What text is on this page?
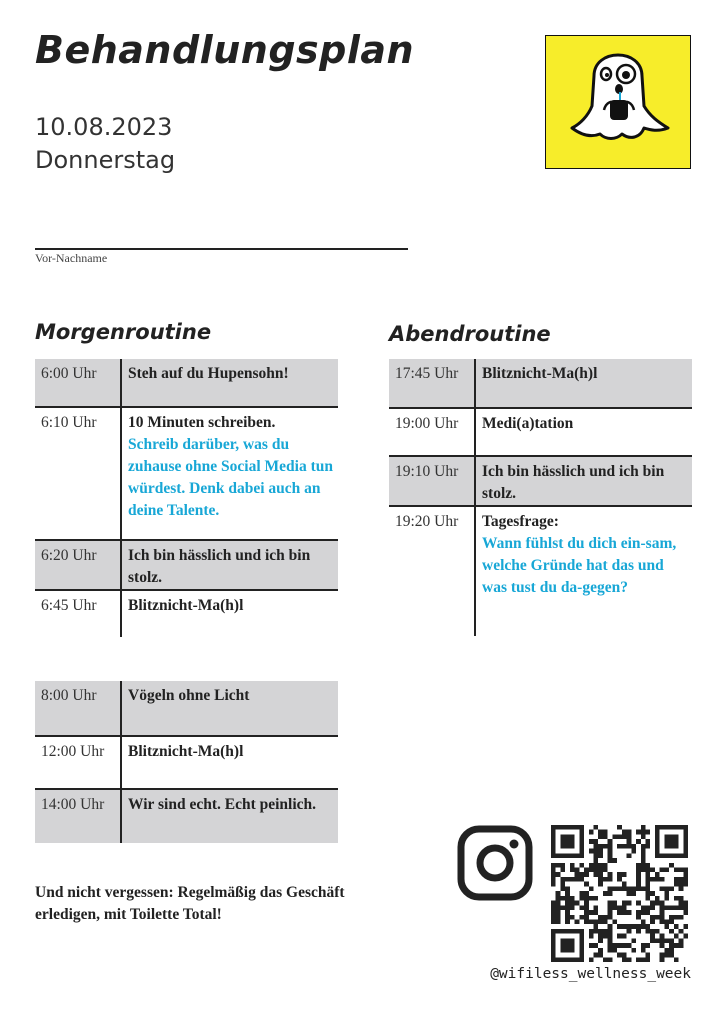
Behandlungsplan
10.08.2023
Donnerstag
Vor-Nachname
Morgenroutine
6:00 Uhr	Steh auf du Hupensohn!
6:10 Uhr	10 Minuten schreiben.
Schreib darüber, was du zuhause ohne Social Media tun würdest. Denk dabei auch an deine Talente.

6:20 Uhr	Ich bin hässlich und ich bin stolz.
6:45 Uhr	Blitznicht-Ma(h)l
8:00 Uhr	Vögeln ohne Licht
12:00 Uhr	Blitznicht-Ma(h)l
14:00 Uhr	Wir sind echt. Echt peinlich.
Abendroutine
17:45 Uhr	Blitznicht-Ma(h)l
19:00 Uhr	Medi(a)tation
19:10 Uhr	Ich bin hässlich und ich bin stolz.
19:20 Uhr	Tagesfrage:
Wann fühlst du dich ein-sam, welche Gründe hat das und was tust du da-gegen?
Und nicht vergessen: Regelmäßig das Geschäft erledigen, mit Toilette Total!
@wifiless_wellness_week
